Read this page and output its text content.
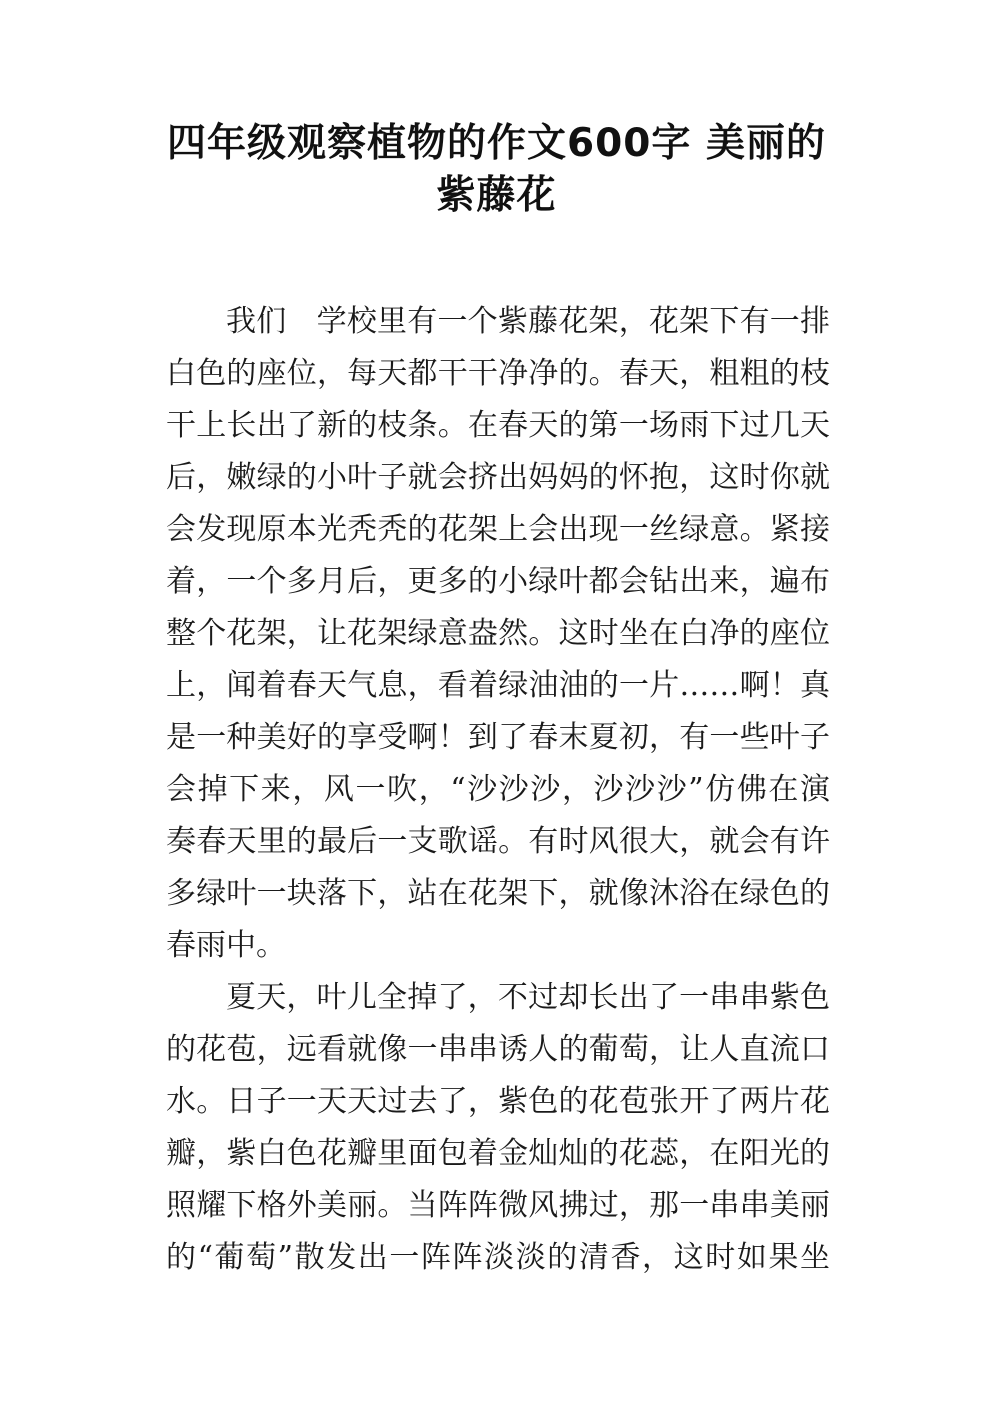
四年级观察植物的作文600字 美丽的
紫藤花
我们　学校里有一个紫藤花架，花架下有一排
白色的座位，每天都干干净净的。春天，粗粗的枝
干上长出了新的枝条。在春天的第一场雨下过几天
后，嫩绿的小叶子就会挤出妈妈的怀抱，这时你就
会发现原本光秃秃的花架上会出现一丝绿意。紧接
着，一个多月后，更多的小绿叶都会钻出来，遍布
整个花架，让花架绿意盎然。这时坐在白净的座位
上，闻着春天气息，看着绿油油的一片……啊！真
是一种美好的享受啊！到了春末夏初，有一些叶子
会掉下来，风一吹，“沙沙沙，沙沙沙”仿佛在演
奏春天里的最后一支歌谣。有时风很大，就会有许
多绿叶一块落下，站在花架下，就像沐浴在绿色的
春雨中。
夏天，叶儿全掉了，不过却长出了一串串紫色
的花苞，远看就像一串串诱人的葡萄，让人直流口
水。日子一天天过去了，紫色的花苞张开了两片花
瓣，紫白色花瓣里面包着金灿灿的花蕊，在阳光的
照耀下格外美丽。当阵阵微风拂过，那一串串美丽
的“葡萄”散发出一阵阵淡淡的清香，这时如果坐
